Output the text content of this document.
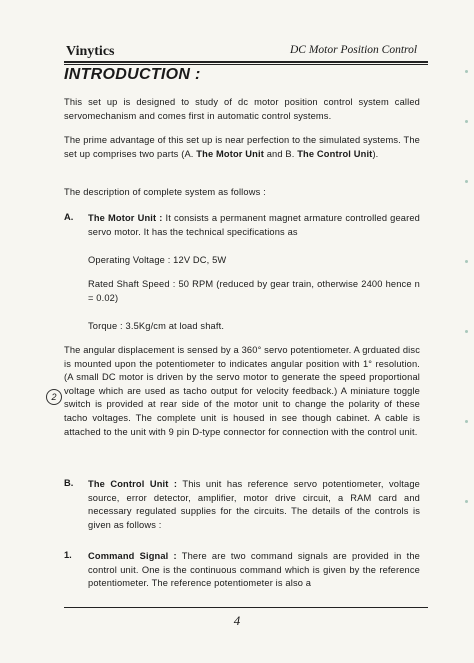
Vinytics	DC Motor Position Control
INTRODUCTION :
This set up is designed to study of dc motor position control system called servomechanism and comes first in automatic control systems.
The prime advantage of this set up is near perfection to the simulated systems. The set up comprises two parts (A. The Motor Unit and B. The Control Unit).
The description of complete system as follows :
A. The Motor Unit : It consists a permanent magnet armature controlled geared servo motor. It has the technical specifications as
Operating Voltage : 12V DC, 5W
Rated Shaft Speed : 50 RPM (reduced by gear train, otherwise 2400 hence n = 0.02)
Torque : 3.5Kg/cm at load shaft.
The angular displacement is sensed by a 360° servo potentiometer. A grduated disc is mounted upon the potentiometer to indicates angular position with 1° resolution. (A small DC motor is driven by the servo motor to generate the speed proportional voltage which are used as tacho output for velocity feedback.) A miniature toggle switch is provided at rear side of the motor unit to change the polarity of these tacho voltages. The complete unit is housed in see though cabinet. A cable is attached to the unit with 9 pin D-type connector for connection with the control unit.
2
B. The Control Unit : This unit has reference servo potentiometer, voltage source, error detector, amplifier, motor drive circuit, a RAM card and necessary regulated supplies for the circuits. The details of the controls is given as follows :
1. Command Signal : There are two command signals are provided in the control unit. One is the continuous command which is given by the reference potentiometer. The reference potentiometer is also a
4
